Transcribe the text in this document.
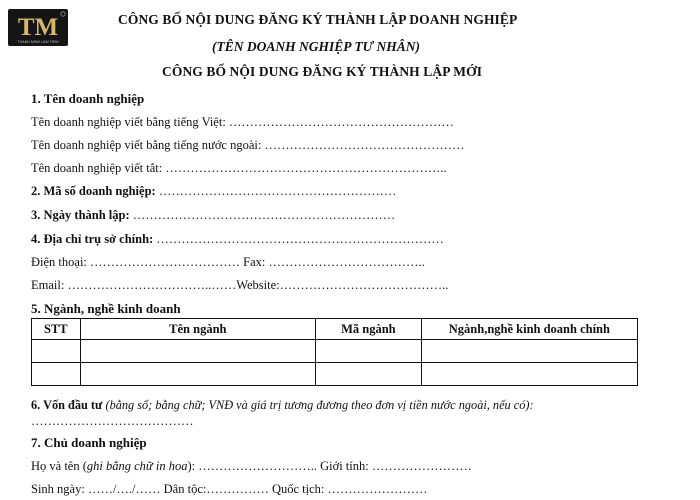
TM
THANH MINH LAW FIRM
CÔNG BỐ NỘI DUNG ĐĂNG KÝ THÀNH LẬP DOANH NGHIỆP
(TÊN DOANH NGHIỆP TƯ NHÂN)
CÔNG BỐ NỘI DUNG ĐĂNG KÝ THÀNH LẬP MỚI
1. Tên doanh nghiệp
Tên doanh nghiệp viết bằng tiếng Việt: ………………………………………………
Tên doanh nghiệp viết bằng tiếng nước ngoài: …………………………………………
Tên doanh nghiệp viết tắt: …………………………………………………………..
2. Mã số doanh nghiệp: …………………………………………………
3. Ngày thành lập: ………………………………………………………
4. Địa chỉ trụ sở chính: ……………………………………………………………
Điện thoại: ……………………………… Fax: ………………………………..
Email: ……………………………..……Website:…………………………………..
5. Ngành, nghề kinh doanh
STT	Tên ngành	Mã ngành	Ngành,nghề kinh doanh chính

6. Vốn đầu tư (bằng số; bằng chữ; VNĐ và giá trị tương đương theo đơn vị tiền nước ngoài, nếu có):
…………………………………
7. Chủ doanh nghiệp
Họ và tên (ghi bằng chữ in hoa): ……………………….. Giới tính: ……………………
Sinh ngày: ……/…./…… Dân tộc:…………… Quốc tịch: ……………………
